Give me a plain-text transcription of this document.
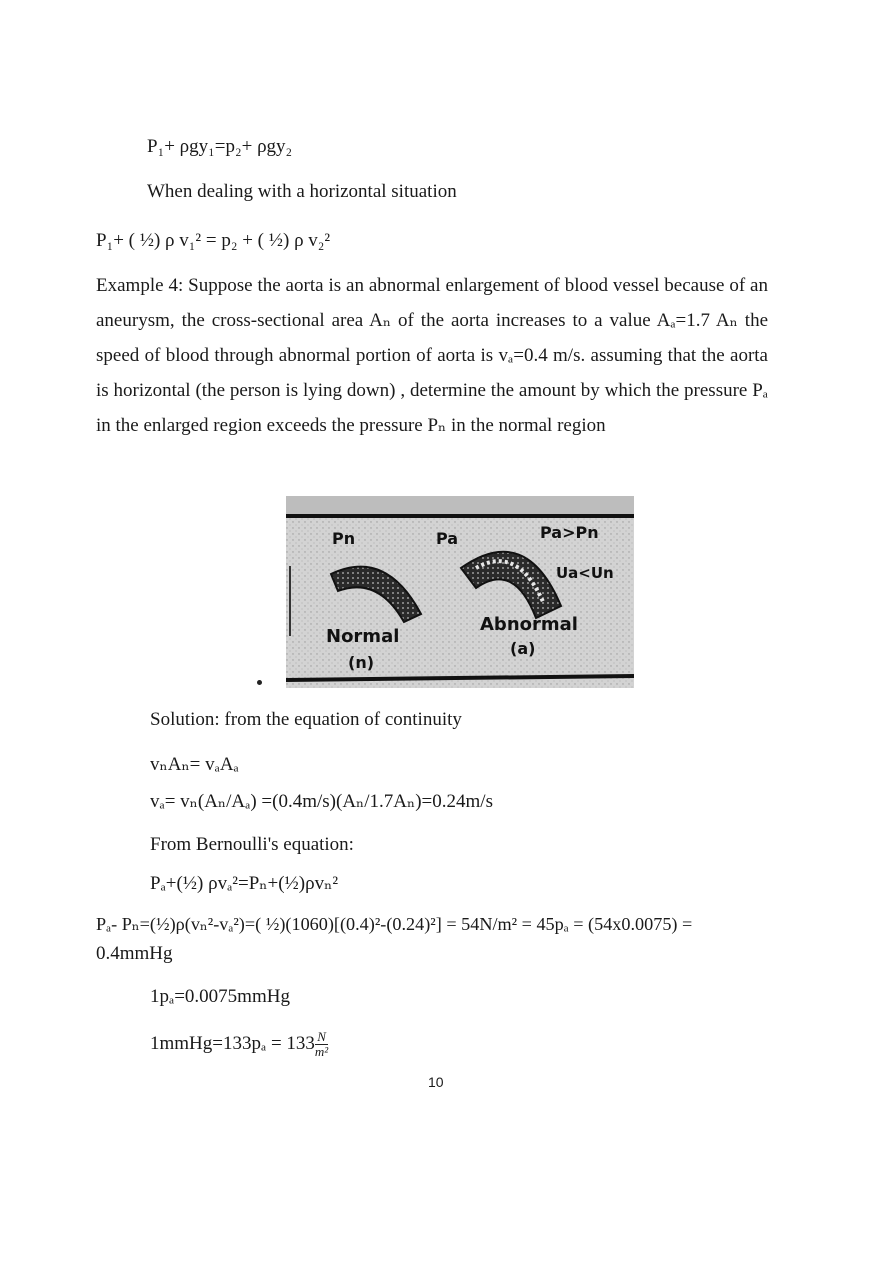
P₁+ ρgy₁=p₂+ ρgy₂
When dealing with a horizontal situation
P₁+ ( ½) ρ v₁² = p₂ + ( ½) ρ v₂²
Example 4: Suppose the aorta is an abnormal enlargement of blood vessel because of an aneurysm, the cross-sectional area Aₙ of the aorta increases to a value Aₐ=1.7 Aₙ the speed of blood through abnormal portion of aorta is vₐ=0.4 m/s. assuming that the aorta is horizontal (the person is lying down) , determine the amount by which the pressure Pₐ in the enlarged region exceeds the pressure Pₙ in the normal region
Pn	Pa	Pa>Pn
Ua<Un
Normal
(n)
Abnormal
(a)
Solution: from the equation of continuity
vₙAₙ= vₐAₐ
vₐ= vₙ(Aₙ/Aₐ) =(0.4m/s)(Aₙ/1.7Aₙ)=0.24m/s
From Bernoulli's equation:
Pₐ+(½) ρvₐ²=Pₙ+(½)ρvₙ²
Pₐ- Pₙ=(½)ρ(vₙ²-vₐ²)=( ½)(1060)[(0.4)²-(0.24)²] = 54N/m² = 45pₐ = (54x0.0075) =
0.4mmHg
1pₐ=0.0075mmHg
1mmHg=133pₐ = $133 \frac{N}{\text{m²}}$
10
